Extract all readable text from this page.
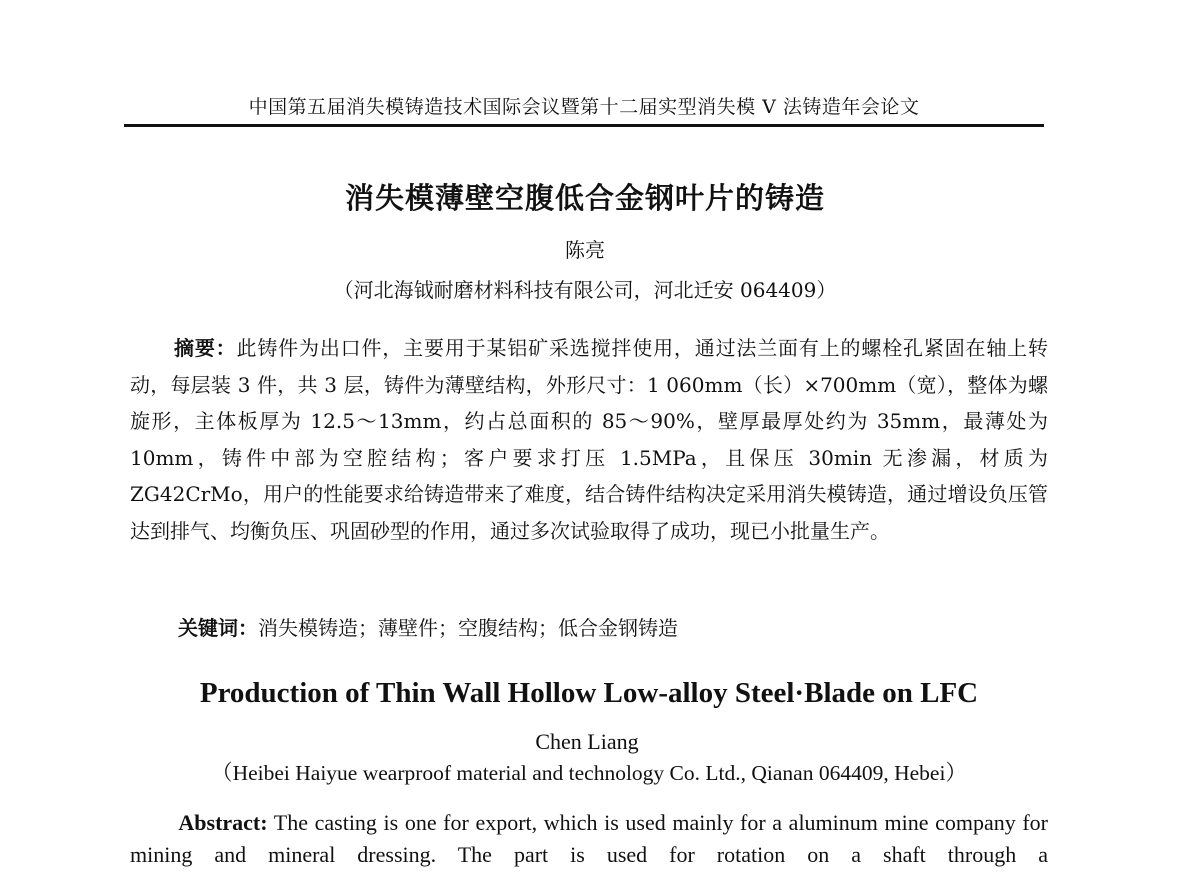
中国第五届消失模铸造技术国际会议暨第十二届实型消失模 V 法铸造年会论文
消失模薄壁空腹低合金钢叶片的铸造
陈亮
（河北海钺耐磨材料科技有限公司，河北迁安 064409）
摘要：此铸件为出口件，主要用于某铝矿采选搅拌使用，通过法兰面有上的螺栓孔紧固在轴上转动，每层装 3 件，共 3 层，铸件为薄壁结构，外形尺寸：1 060mm（长）×700mm（宽），整体为螺旋形，主体板厚为 12.5～13mm，约占总面积的 85～90%，壁厚最厚处约为 35mm，最薄处为 10mm，铸件中部为空腔结构；客户要求打压 1.5MPa，且保压 30min 无渗漏，材质为 ZG42CrMo，用户的性能要求给铸造带来了难度，结合铸件结构决定采用消失模铸造，通过增设负压管达到排气、均衡负压、巩固砂型的作用，通过多次试验取得了成功，现已小批量生产。
关键词：消失模铸造；薄壁件；空腹结构；低合金钢铸造
Production of Thin Wall Hollow Low-alloy Steel·Blade on LFC
Chen Liang
（Heibei Haiyue wearproof material and technology Co. Ltd., Qianan 064409, Hebei）
Abstract: The casting is one for export, which is used mainly for a aluminum mine company for mining and mineral dressing. The part is used for rotation on a shaft through a
